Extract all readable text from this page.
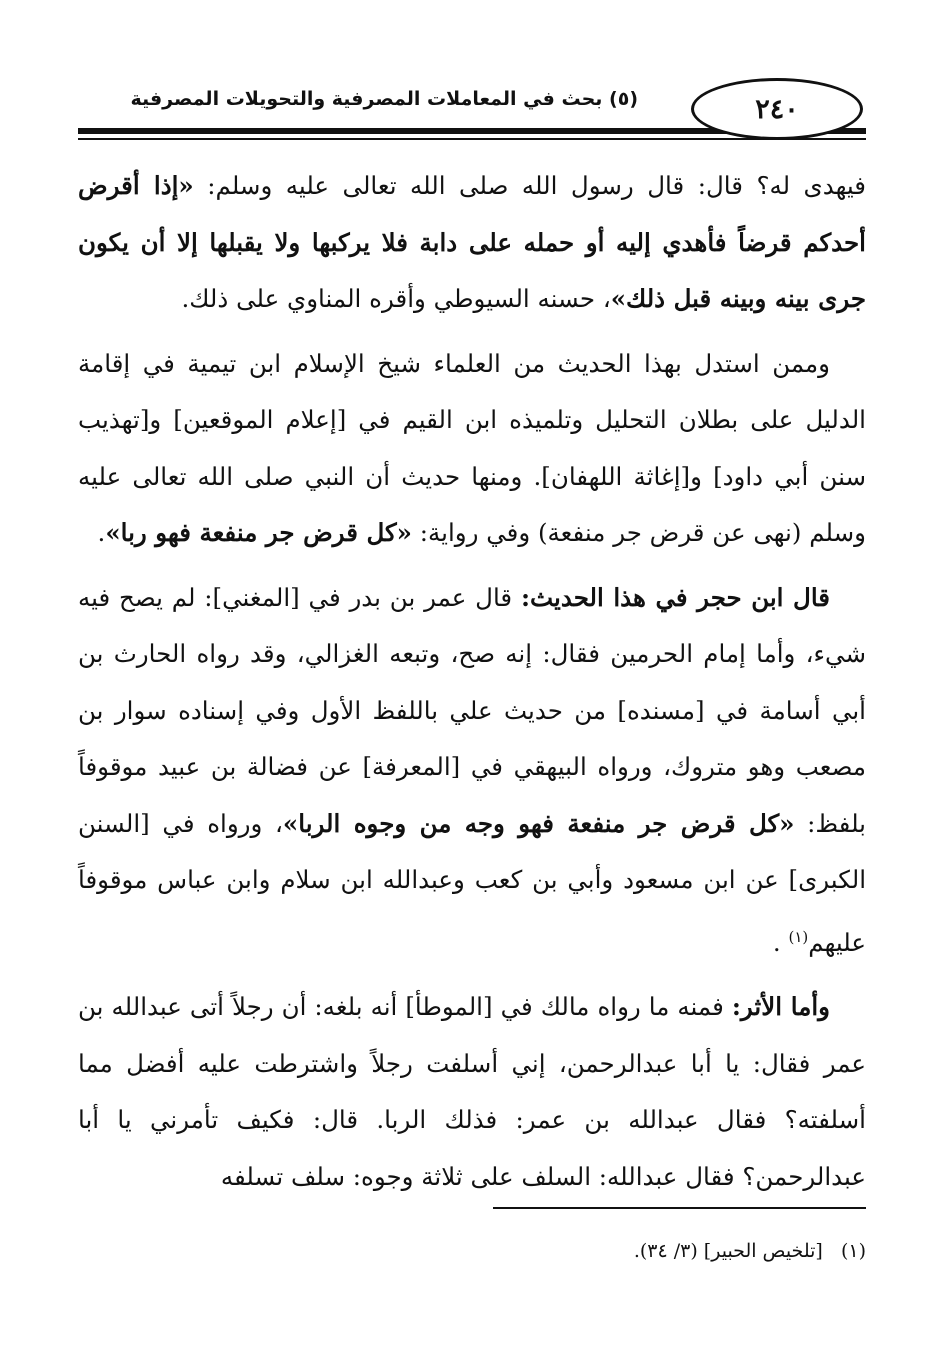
٢٤٠
(٥) بحث في المعاملات المصرفية والتحويلات المصرفية

فيهدى له؟ قال: قال رسول الله صلى الله تعالى عليه وسلم: «إذا أقرض أحدكم قرضاً فأهدي إليه أو حمله على دابة فلا يركبها ولا يقبلها إلا أن يكون جرى بينه وبينه قبل ذلك»، حسنه السيوطي وأقره المناوي على ذلك.

وممن استدل بهذا الحديث من العلماء شيخ الإسلام ابن تيمية في إقامة الدليل على بطلان التحليل وتلميذه ابن القيم في [إعلام الموقعين] و[تهذيب سنن أبي داود] و[إغاثة اللهفان]. ومنها حديث أن النبي صلى الله تعالى عليه وسلم (نهى عن قرض جر منفعة) وفي رواية: «كل قرض جر منفعة فهو ربا».

قال ابن حجر في هذا الحديث: قال عمر بن بدر في [المغني]: لم يصح فيه شيء، وأما إمام الحرمين فقال: إنه صح، وتبعه الغزالي، وقد رواه الحارث بن أبي أسامة في [مسنده] من حديث علي باللفظ الأول وفي إسناده سوار بن مصعب وهو متروك، ورواه البيهقي في [المعرفة] عن فضالة بن عبيد موقوفاً بلفظ: «كل قرض جر منفعة فهو وجه من وجوه الربا»، ورواه في [السنن الكبرى] عن ابن مسعود وأبي بن كعب وعبدالله ابن سلام وابن عباس موقوفاً عليهم$^{(١)}$ .

وأما الأثر: فمنه ما رواه مالك في [الموطأ] أنه بلغه: أن رجلاً أتى عبدالله بن عمر فقال: يا أبا عبدالرحمن، إني أسلفت رجلاً واشترطت عليه أفضل مما أسلفته؟ فقال عبدالله بن عمر: فذلك الربا. قال: فكيف تأمرني يا أبا عبدالرحمن؟ فقال عبدالله: السلف على ثلاثة وجوه: سلف تسلفه

(١)   [تلخيص الحبير] (٣/ ٣٤).
